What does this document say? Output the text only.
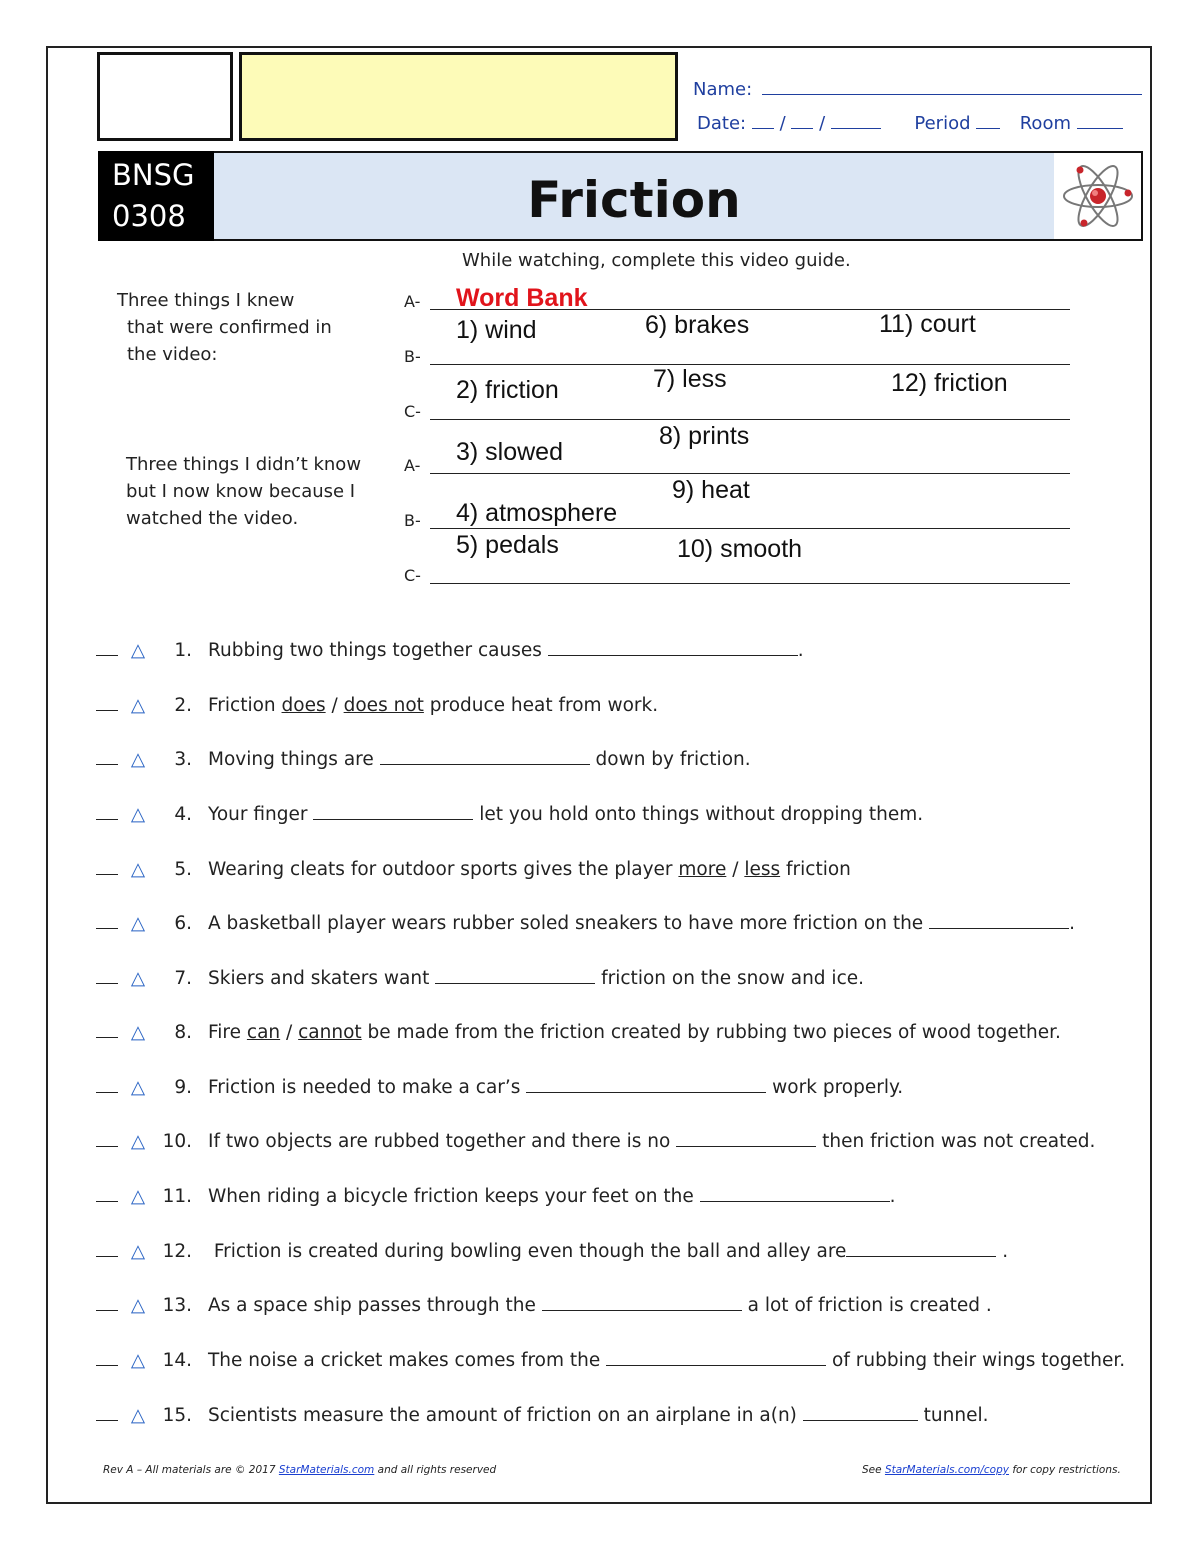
Name:
Date: / /	Period	Room
BNSG
0308	Friction
While watching, complete this video guide.
Three things I knew
that were confirmed in
the video:
Three things I didn’t know
but I now know because I
watched the video.
A-
B-
C-
A-
B-
C-
Word Bank
1) wind
2) friction
3) slowed
4) atmosphere
5) pedals
6) brakes
7) less
8) prints
9) heat
10) smooth
11) court
12) friction
△ 1. Rubbing two things together causes	.
△ 2. Friction does / does not produce heat from work.
△ 3. Moving things are	down by friction.
△ 4. Your finger	let you hold onto things without dropping them.
△ 5. Wearing cleats for outdoor sports gives the player more / less friction
△ 6. A basketball player wears rubber soled sneakers to have more friction on the	.
△ 7. Skiers and skaters want	friction on the snow and ice.
△ 8. Fire can / cannot be made from the friction created by rubbing two pieces of wood together.
△ 9. Friction is needed to make a car’s	work properly.
△ 10. If two objects are rubbed together and there is no	then friction was not created.
△ 11. When riding a bicycle friction keeps your feet on the	.
△ 12. Friction is created during bowling even though the ball and alley are	.
△ 13. As a space ship passes through the	a lot of friction is created .
△ 14. The noise a cricket makes comes from the	of rubbing their wings together.
△ 15. Scientists measure the amount of friction on an airplane in a(n)	tunnel.
Rev A – All materials are © 2017 StarMaterials.com and all rights reserved	See StarMaterials.com/copy for copy restrictions.
